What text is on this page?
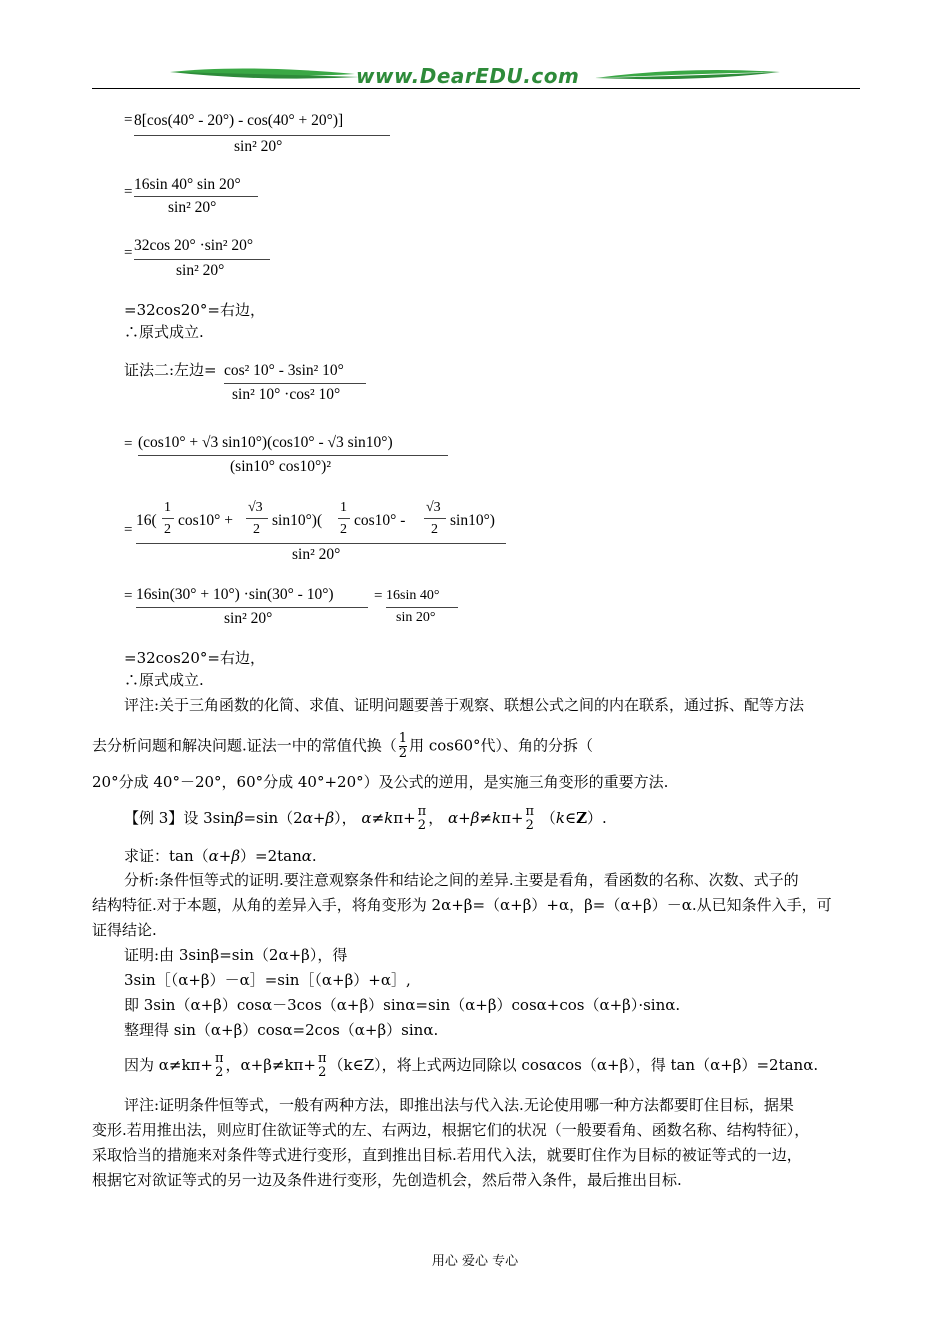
www.DearEDU.com
= 8[cos(40° - 20°) - cos(40° + 20°)]
sin² 20°
= 16sin 40° sin 20°
sin² 20°
= 32cos 20° ·sin² 20°
sin² 20°
=32cos20°=右边，
∴原式成立.
证法二:左边= cos² 10° - 3sin² 10°
sin² 10° ·cos² 10°
= (cos10° + √3 sin10°)(cos10° - √3 sin10°)
(sin10° cos10°)²
=
16(
1
2
cos10° +
√3
2
sin10°)(
1
2
cos10° -
√3
2
sin10°)
sin² 20°
= 16sin(30° + 10°) ·sin(30° - 10°)
sin² 20°
= 16sin 40°
sin 20°
=32cos20°=右边，
∴原式成立.
评注:关于三角函数的化简、求值、证明问题要善于观察、联想公式之间的内在联系，通过拆、配等方法
去分析问题和解决问题.证法一中的常值代换（ $\frac{1}{2}$ 用 cos60°代）、角的分拆（
20°分成 40°－20°，60°分成 40°+20°）及公式的逆用，是实施三角变形的重要方法.
【例 3】设 3sinβ=sin（2α+β）， α≠kπ+ π
2 ， α+β≠kπ+ π
2 （k∈Z）.
求证：tan（α+β）=2tanα.
分析:条件恒等式的证明.要注意观察条件和结论之间的差异.主要是看角，看函数的名称、次数、式子的
结构特征.对于本题，从角的差异入手，将角变形为 2α+β=（α+β）+α，β=（α+β）－α.从已知条件入手，可
证得结论.
证明:由 3sinβ=sin（2α+β），得
3sin［（α+β）－α］=sin［（α+β）+α］,
即 3sin（α+β）cosα－3cos（α+β）sinα=sin（α+β）cosα+cos（α+β）·sinα.
整理得 sin（α+β）cosα=2cos（α+β）sinα.
因为 α≠kπ+ π
2 ，α+β≠kπ+ π
2 （k∈Z），将上式两边同除以 cosαcos（α+β），得 tan（α+β）=2tanα.
评注:证明条件恒等式，一般有两种方法，即推出法与代入法.无论使用哪一种方法都要盯住目标，据果
变形.若用推出法，则应盯住欲证等式的左、右两边，根据它们的状况（一般要看角、函数名称、结构特征），
采取恰当的措施来对条件等式进行变形，直到推出目标.若用代入法，就要盯住作为目标的被证等式的一边，
根据它对欲证等式的另一边及条件进行变形，先创造机会，然后带入条件，最后推出目标.
用心 爱心 专心
